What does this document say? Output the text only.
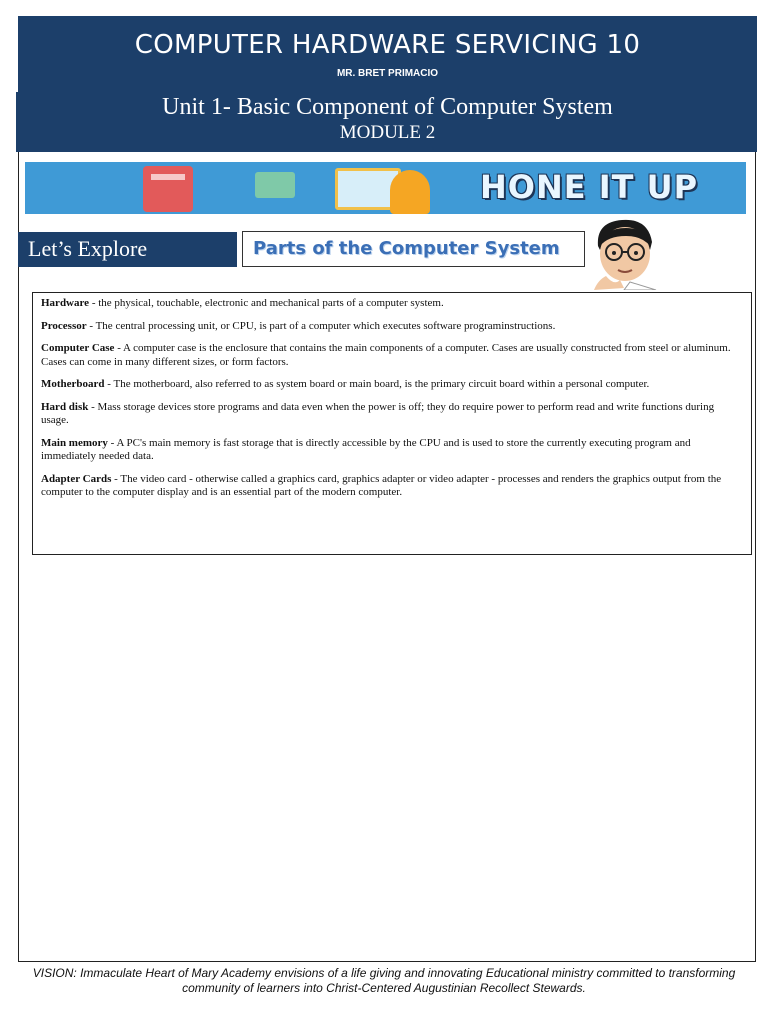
COMPUTER HARDWARE SERVICING 10
MR. BRET PRIMACIO
Unit 1- Basic Component of Computer System
MODULE 2
HONE IT UP
Let’s Explore	Parts of the Computer System

Hardware - the physical, touchable, electronic and mechanical parts of a computer system.

Processor - The central processing unit, or CPU, is part of a computer which executes software programinstructions.

Computer Case - A computer case is the enclosure that contains the main components of a computer. Cases are usually constructed from steel or aluminum. Cases can come in many different sizes, or form factors.

Motherboard - The motherboard, also referred to as system board or main board, is the primary circuit board within a personal computer.

Hard disk - Mass storage devices store programs and data even when the power is off; they do require power to perform read and write functions during usage.

Main memory - A PC's main memory is fast storage that is directly accessible by the CPU and is used to store the currently executing program and immediately needed data.

Adapter Cards - The video card - otherwise called a graphics card, graphics adapter or video adapter - processes and renders the graphics output from the computer to the computer display and is an essential part of the modern computer.

VISION: Immaculate Heart of Mary Academy envisions of a life giving and innovating Educational ministry committed to transforming community of learners into Christ-Centered Augustinian Recollect Stewards.
